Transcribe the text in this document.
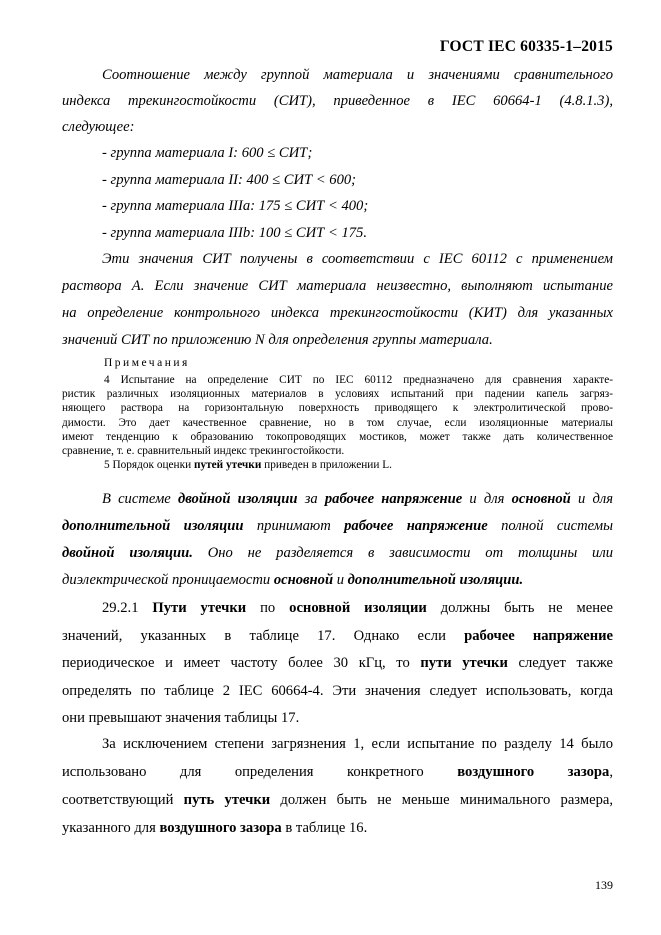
ГОСТ IEC 60335-1–2015
Соотношение между группой материала и значениями сравнительного
индекса трекингостойкости (СИТ), приведенное в IEC 60664-1 (4.8.1.3),
следующее:
- группа материала I: 600 ≤ СИТ;
- группа материала II: 400 ≤ СИТ < 600;
- группа материала IIIa: 175 ≤ СИТ < 400;
- группа материала IIIb: 100 ≤ СИТ < 175.
Эти значения СИТ получены в соответствии с IEC 60112 с применением
раствора A. Если значение СИТ материала неизвестно, выполняют испытание
на определение контрольного индекса трекингостойкости (КИТ) для указанных
значений СИТ по приложению N для определения группы материала.
Примечания
4 Испытание на определение СИТ по IEC 60112 предназначено для сравнения характе-
ристик различных изоляционных материалов в условиях испытаний при падении капель загряз-
няющего раствора на горизонтальную поверхность приводящего к электролитической прово-
димости. Это дает качественное сравнение, но в том случае, если изоляционные материалы
имеют тенденцию к образованию токопроводящих мостиков, может также дать количественное
сравнение, т. е. сравнительный индекс трекингостойкости.
5 Порядок оценки путей утечки приведен в приложении L.
В системе двойной изоляции за рабочее напряжение и для основной и для
дополнительной изоляции принимают рабочее напряжение полной системы
двойной изоляции. Оно не разделяется в зависимости от толщины или
диэлектрической проницаемости основной и дополнительной изоляции.
29.2.1 Пути утечки по основной изоляции должны быть не менее
значений, указанных в таблице 17. Однако если рабочее напряжение
периодическое и имеет частоту более 30 кГц, то пути утечки следует также
определять по таблице 2 IEC 60664-4. Эти значения следует использовать, когда
они превышают значения таблицы 17.
За исключением степени загрязнения 1, если испытание по разделу 14 было
использовано для определения конкретного воздушного зазора,
соответствующий путь утечки должен быть не меньше минимального размера,
указанного для воздушного зазора в таблице 16.
139
